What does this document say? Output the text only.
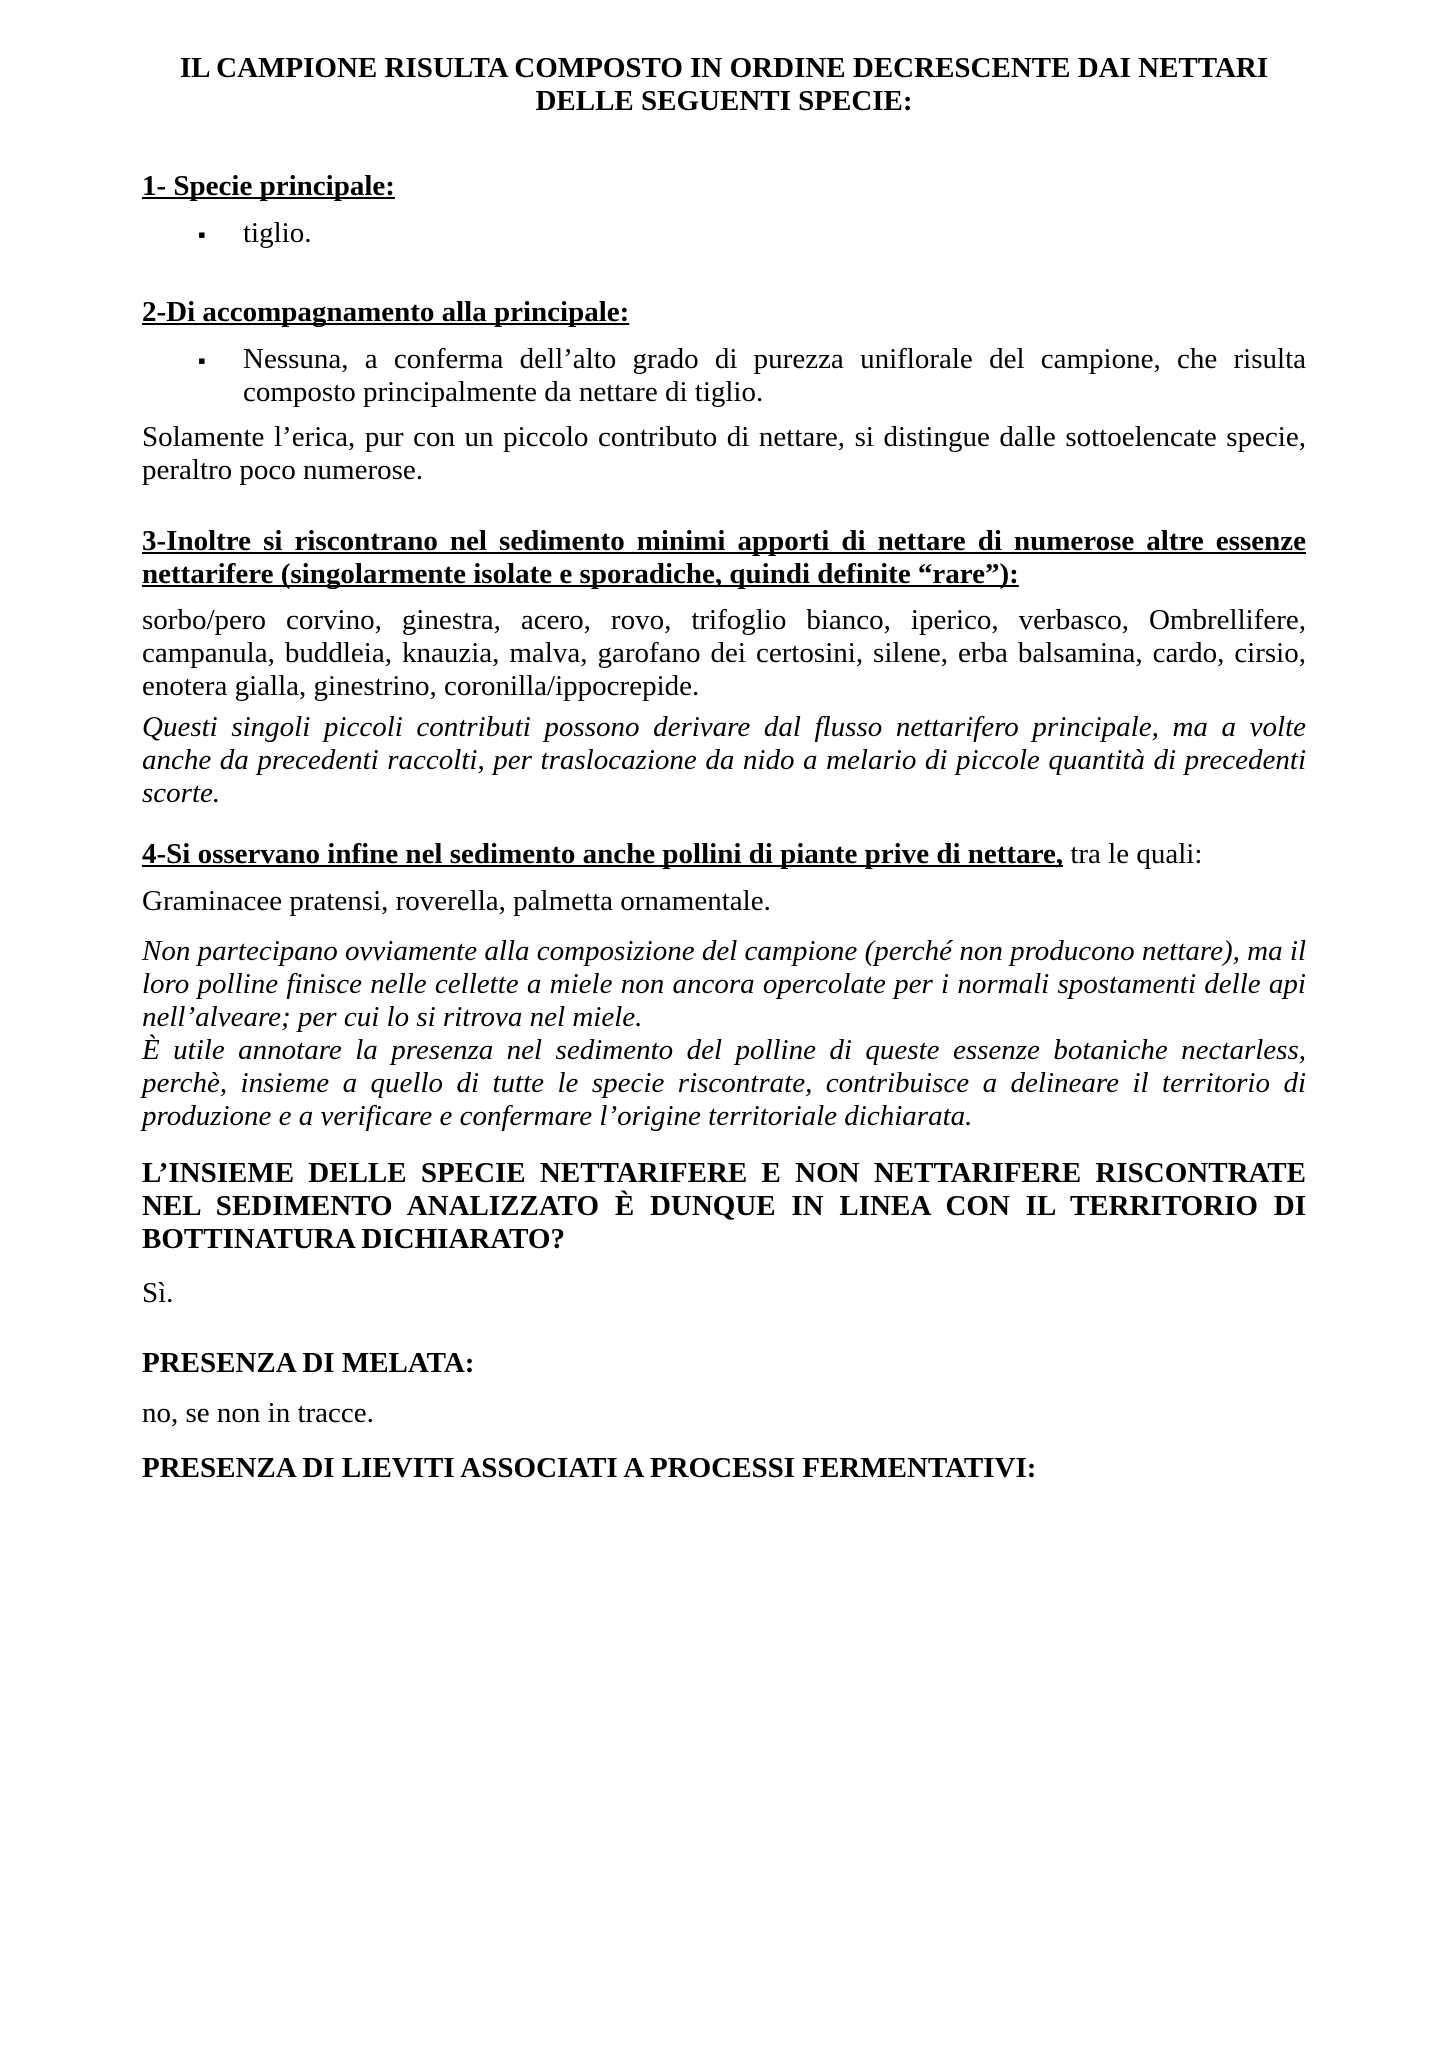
IL CAMPIONE RISULTA COMPOSTO IN ORDINE DECRESCENTE DAI NETTARI DELLE SEGUENTI SPECIE:
1- Specie principale:
▪ tiglio.
2-Di accompagnamento alla principale:
▪ Nessuna, a conferma dell’alto grado di purezza uniflorale del campione, che risulta composto principalmente da nettare di tiglio.

Solamente l’erica, pur con un piccolo contributo di nettare, si distingue dalle sottoelencate specie, peraltro poco numerose.

3-Inoltre si riscontrano nel sedimento minimi apporti di nettare di numerose altre essenze nettarifere (singolarmente isolate e sporadiche, quindi definite “rare”):

sorbo/pero corvino, ginestra, acero, rovo, trifoglio bianco, iperico, verbasco, Ombrellifere, campanula, buddleia, knauzia, malva, garofano dei certosini, silene, erba balsamina, cardo, cirsio, enotera gialla, ginestrino, coronilla/ippocrepide.

Questi singoli piccoli contributi possono derivare dal flusso nettarifero principale, ma a volte anche da precedenti raccolti, per traslocazione da nido a melario di piccole quantità di precedenti scorte.

4-Si osservano infine nel sedimento anche pollini di piante prive di nettare, tra le quali:

Graminacee pratensi, roverella, palmetta ornamentale.

Non partecipano ovviamente alla composizione del campione (perché non producono nettare), ma il loro polline finisce nelle cellette a miele non ancora opercolate per i normali spostamenti delle api nell’alveare; per cui lo si ritrova nel miele.

È utile annotare la presenza nel sedimento del polline di queste essenze botaniche nectarless, perchè, insieme a quello di tutte le specie riscontrate, contribuisce a delineare il territorio di produzione e a verificare e confermare l’origine territoriale dichiarata.

L’INSIEME DELLE SPECIE NETTARIFERE E NON NETTARIFERE RISCONTRATE NEL SEDIMENTO ANALIZZATO È DUNQUE IN LINEA CON IL TERRITORIO DI BOTTINATURA DICHIARATO?

Sì.

PRESENZA DI MELATA:

no, se non in tracce.

PRESENZA DI LIEVITI ASSOCIATI A PROCESSI FERMENTATIVI:
